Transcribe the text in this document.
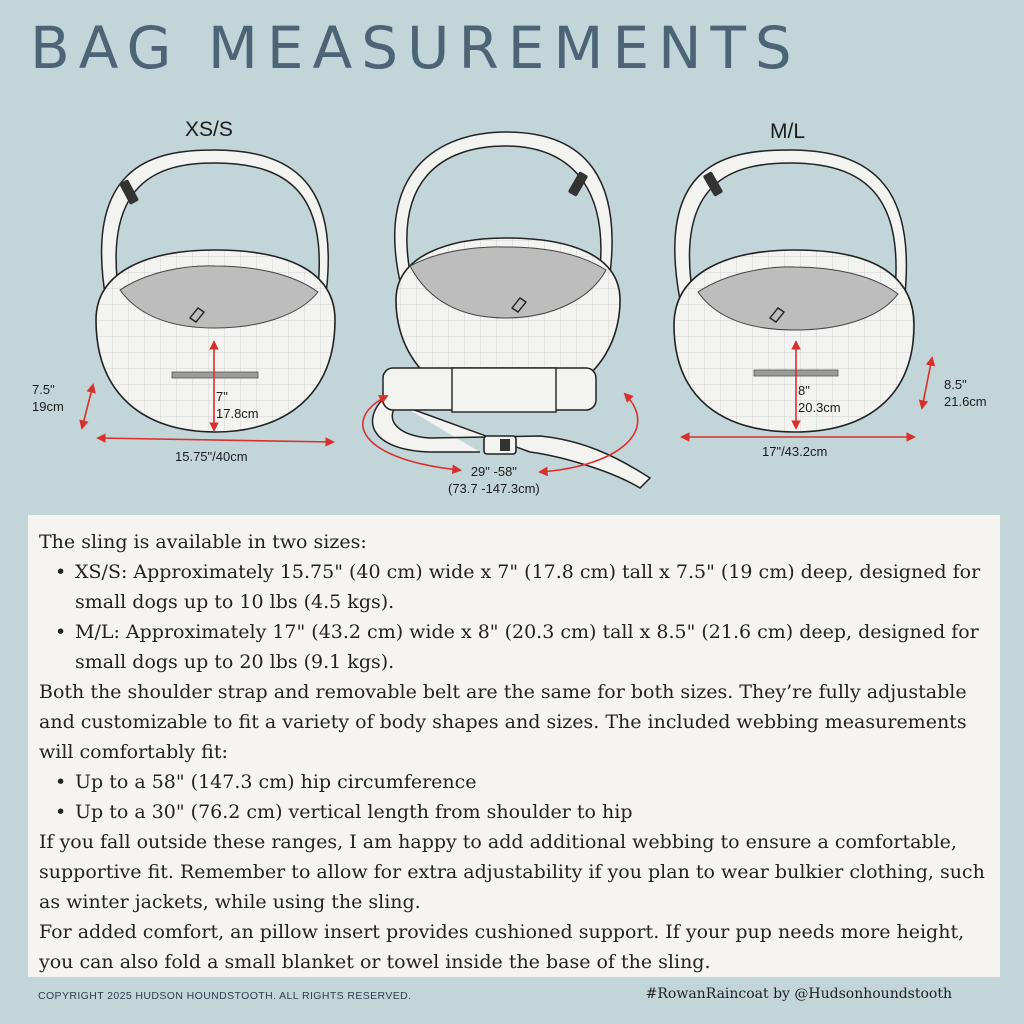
BAG MEASUREMENTS
XS/S	M/L
7"
17.8cm
7.5"
19cm
15.75"/40cm
29" -58"
(73.7 -147.3cm)
8"
20.3cm
8.5"
21.6cm
17"/43.2cm

The sling is available in two sizes:

• XS/S: Approximately 15.75" (40 cm) wide x 7" (17.8 cm) tall x 7.5" (19 cm) deep, designed for small dogs up to 10 lbs (4.5 kgs).
• M/L: Approximately 17" (43.2 cm) wide x 8" (20.3 cm) tall x 8.5" (21.6 cm) deep, designed for small dogs up to 20 lbs (9.1 kgs).

Both the shoulder strap and removable belt are the same for both sizes. They’re fully adjustable and customizable to fit a variety of body shapes and sizes. The included webbing measurements will comfortably fit:

• Up to a 58" (147.3 cm) hip circumference
• Up to a 30" (76.2 cm) vertical length from shoulder to hip

If you fall outside these ranges, I am happy to add additional webbing to ensure a comfortable, supportive fit. Remember to allow for extra adjustability if you plan to wear bulkier clothing, such as winter jackets, while using the sling.

For added comfort, an pillow insert provides cushioned support. If your pup needs more height, you can also fold a small blanket or towel inside the base of the sling.

COPYRIGHT 2025 HUDSON HOUNDSTOOTH. ALL RIGHTS RESERVED.	#RowanRaincoat by @Hudsonhoundstooth
